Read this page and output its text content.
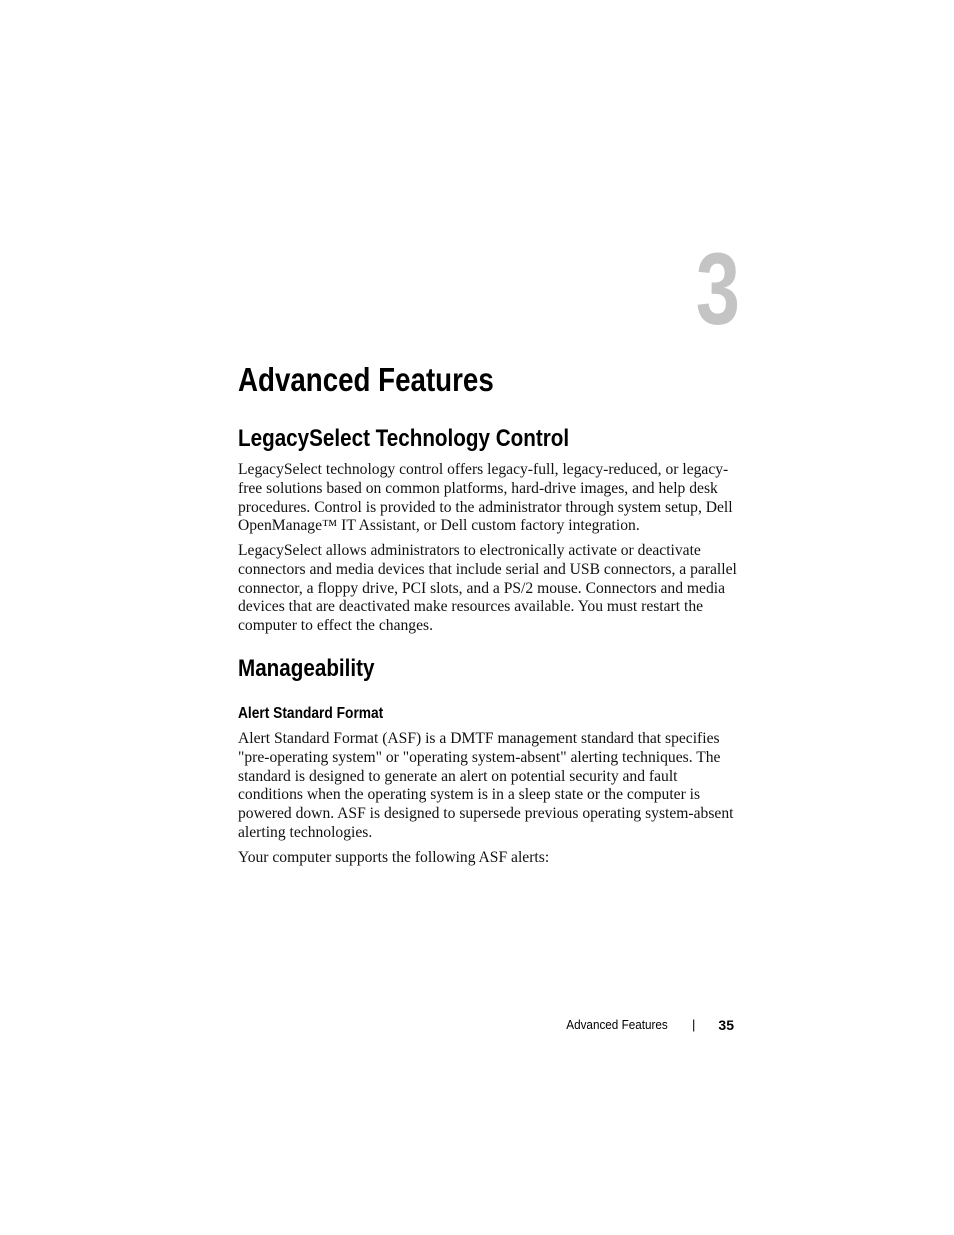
3
Advanced Features
LegacySelect Technology Control

LegacySelect technology control offers legacy-full, legacy-reduced, or legacy-free solutions based on common platforms, hard-drive images, and help desk procedures. Control is provided to the administrator through system setup, Dell OpenManage™ IT Assistant, or Dell custom factory integration.

LegacySelect allows administrators to electronically activate or deactivate connectors and media devices that include serial and USB connectors, a parallel connector, a floppy drive, PCI slots, and a PS/2 mouse. Connectors and media devices that are deactivated make resources available. You must restart the computer to effect the changes.

Manageability
Alert Standard Format

Alert Standard Format (ASF) is a DMTF management standard that specifies "pre-operating system" or "operating system-absent" alerting techniques. The standard is designed to generate an alert on potential security and fault conditions when the operating system is in a sleep state or the computer is powered down. ASF is designed to supersede previous operating system-absent alerting technologies.

Your computer supports the following ASF alerts:

Advanced Features | 35
